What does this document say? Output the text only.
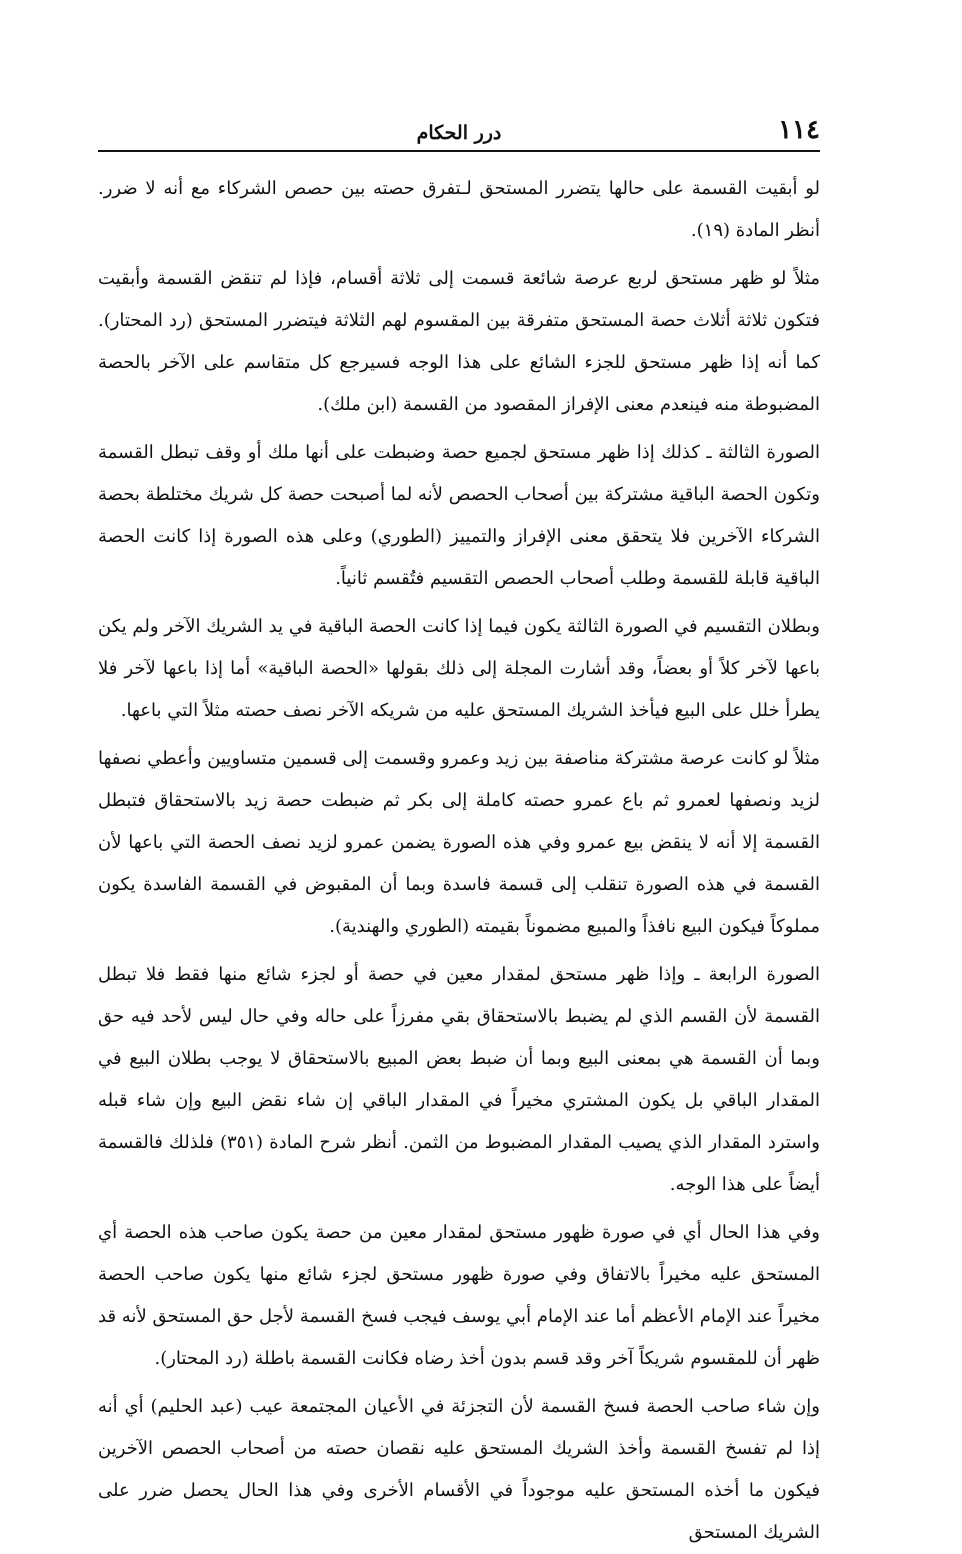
١١٤
درر الحكام

لو أبقيت القسمة على حالها يتضرر المستحق لـتفرق حصته بين حصص الشركاء مع أنه لا ضرر. أنظر المادة (١٩).

مثلاً لو ظهر مستحق لربع عرصة شائعة قسمت إلى ثلاثة أقسام، فإذا لم تنقض القسمة وأبقيت فتكون ثلاثة أثلاث حصة المستحق متفرقة بين المقسوم لهم الثلاثة فيتضرر المستحق (رد المحتار). كما أنه إذا ظهر مستحق للجزء الشائع على هذا الوجه فسيرجع كل متقاسم على الآخر بالحصة المضبوطة منه فينعدم معنى الإفراز المقصود من القسمة (ابن ملك).

الصورة الثالثة ـ كذلك إذا ظهر مستحق لجميع حصة وضبطت على أنها ملك أو وقف تبطل القسمة وتكون الحصة الباقية مشتركة بين أصحاب الحصص لأنه لما أصبحت حصة كل شريك مختلطة بحصة الشركاء الآخرين فلا يتحقق معنى الإفراز والتمييز (الطوري) وعلى هذه الصورة إذا كانت الحصة الباقية قابلة للقسمة وطلب أصحاب الحصص التقسيم فتُقسم ثانياً.

وبطلان التقسيم في الصورة الثالثة يكون فيما إذا كانت الحصة الباقية في يد الشريك الآخر ولم يكن باعها لآخر كلاً أو بعضاً، وقد أشارت المجلة إلى ذلك بقولها «الحصة الباقية» أما إذا باعها لآخر فلا يطرأ خلل على البيع فيأخذ الشريك المستحق عليه من شريكه الآخر نصف حصته مثلاً التي باعها.

مثلاً لو كانت عرصة مشتركة مناصفة بين زيد وعمرو وقسمت إلى قسمين متساويين وأعطي نصفها لزيد ونصفها لعمرو ثم باع عمرو حصته كاملة إلى بكر ثم ضبطت حصة زيد بالاستحقاق فتبطل القسمة إلا أنه لا ينقض بيع عمرو وفي هذه الصورة يضمن عمرو لزيد نصف الحصة التي باعها لأن القسمة في هذه الصورة تنقلب إلى قسمة فاسدة وبما أن المقبوض في القسمة الفاسدة يكون مملوكاً فيكون البيع نافذاً والمبيع مضموناً بقيمته (الطوري والهندية).

الصورة الرابعة ـ وإذا ظهر مستحق لمقدار معين في حصة أو لجزء شائع منها فقط فلا تبطل القسمة لأن القسم الذي لم يضبط بالاستحقاق بقي مفرزاً على حاله وفي حال ليس لأحد فيه حق وبما أن القسمة هي بمعنى البيع وبما أن ضبط بعض المبيع بالاستحقاق لا يوجب بطلان البيع في المقدار الباقي بل يكون المشتري مخيراً في المقدار الباقي إن شاء نقض البيع وإن شاء قبله واسترد المقدار الذي يصيب المقدار المضبوط من الثمن. أنظر شرح المادة (٣٥١) فلذلك فالقسمة أيضاً على هذا الوجه.

وفي هذا الحال أي في صورة ظهور مستحق لمقدار معين من حصة يكون صاحب هذه الحصة أي المستحق عليه مخيراً بالاتفاق وفي صورة ظهور مستحق لجزء شائع منها يكون صاحب الحصة مخيراً عند الإمام الأعظم أما عند الإمام أبي يوسف فيجب فسخ القسمة لأجل حق المستحق لأنه قد ظهر أن للمقسوم شريكاً آخر وقد قسم بدون أخذ رضاه فكانت القسمة باطلة (رد المحتار).

وإن شاء صاحب الحصة فسخ القسمة لأن التجزئة في الأعيان المجتمعة عيب (عبد الحليم) أي أنه إذا لم تفسخ القسمة وأخذ الشريك المستحق عليه نقصان حصته من أصحاب الحصص الآخرين فيكون ما أخذه المستحق عليه موجوداً في الأقسام الأخرى وفي هذا الحال يحصل ضرر على الشريك المستحق
